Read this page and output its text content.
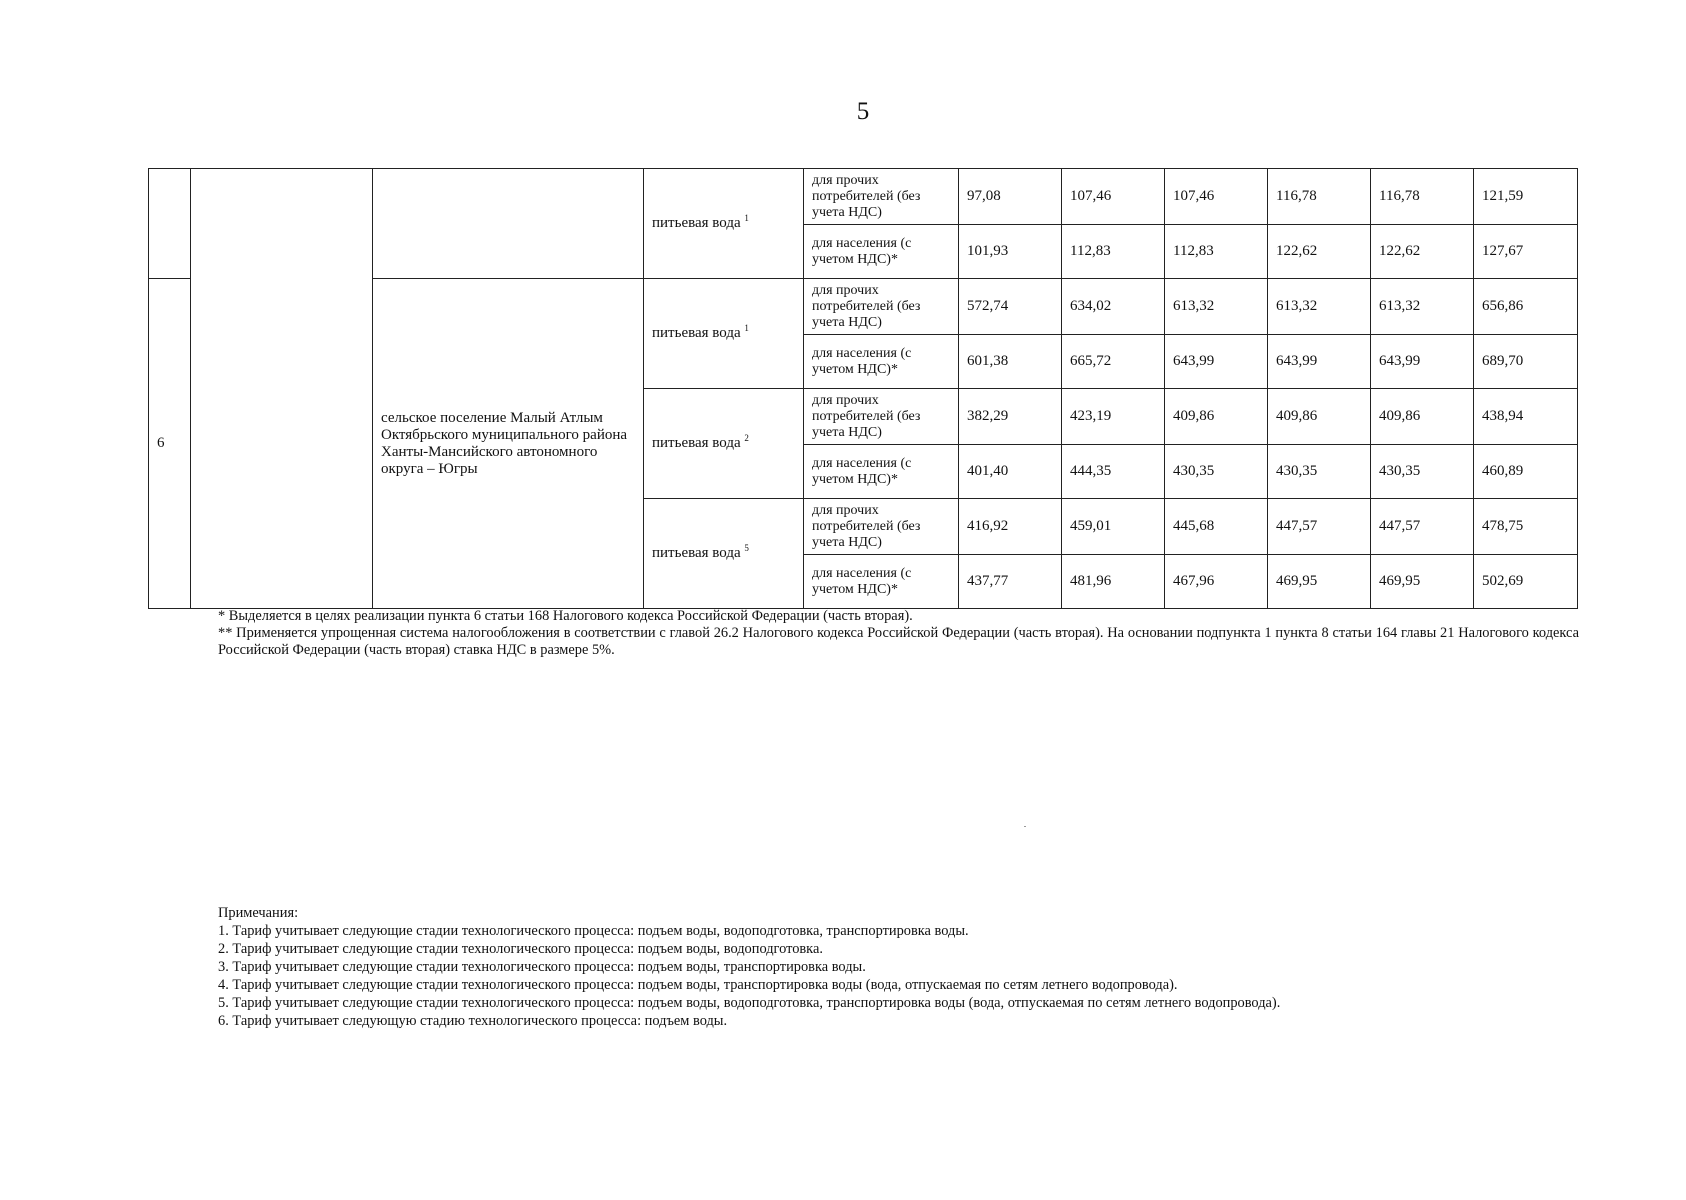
5
			питьевая вода $^1$	для прочих потребителей (без учета НДС)	97,08	107,46	107,46	116,78	116,78	121,59
				для населения (с учетом НДС)*	101,93	112,83	112,83	122,62	122,62	127,67
6		сельское поселение Малый Атлым Октябрьского муниципального района Ханты-Мансийского автономного округа – Югры	питьевая вода $^1$	для прочих потребителей (без учета НДС)	572,74	634,02	613,32	613,32	613,32	656,86
				для населения (с учетом НДС)*	601,38	665,72	643,99	643,99	643,99	689,70
			питьевая вода $^2$	для прочих потребителей (без учета НДС)	382,29	423,19	409,86	409,86	409,86	438,94
				для населения (с учетом НДС)*	401,40	444,35	430,35	430,35	430,35	460,89
			питьевая вода $^5$	для прочих потребителей (без учета НДС)	416,92	459,01	445,68	447,57	447,57	478,75
				для населения (с учетом НДС)*	437,77	481,96	467,96	469,95	469,95	502,69

* Выделяется в целях реализации пункта 6 статьи 168 Налогового кодекса Российской Федерации (часть вторая).

** Применяется упрощенная система налогообложения в соответствии с главой 26.2 Налогового кодекса Российской Федерации (часть вторая). На основании подпункта 1 пункта 8 статьи 164 главы 21 Налогового кодекса Российской Федерации (часть вторая) ставка НДС в размере 5%.

Примечания:

1. Тариф учитывает следующие стадии технологического процесса: подъем воды, водоподготовка, транспортировка воды.

2. Тариф учитывает следующие стадии технологического процесса: подъем воды, водоподготовка.

3. Тариф учитывает следующие стадии технологического процесса: подъем воды, транспортировка воды.

4. Тариф учитывает следующие стадии технологического процесса: подъем воды, транспортировка воды (вода, отпускаемая по сетям летнего водопровода).

5. Тариф учитывает следующие стадии технологического процесса: подъем воды, водоподготовка, транспортировка воды (вода, отпускаемая по сетям летнего водопровода).

6. Тариф учитывает следующую стадию технологического процесса: подъем воды.
